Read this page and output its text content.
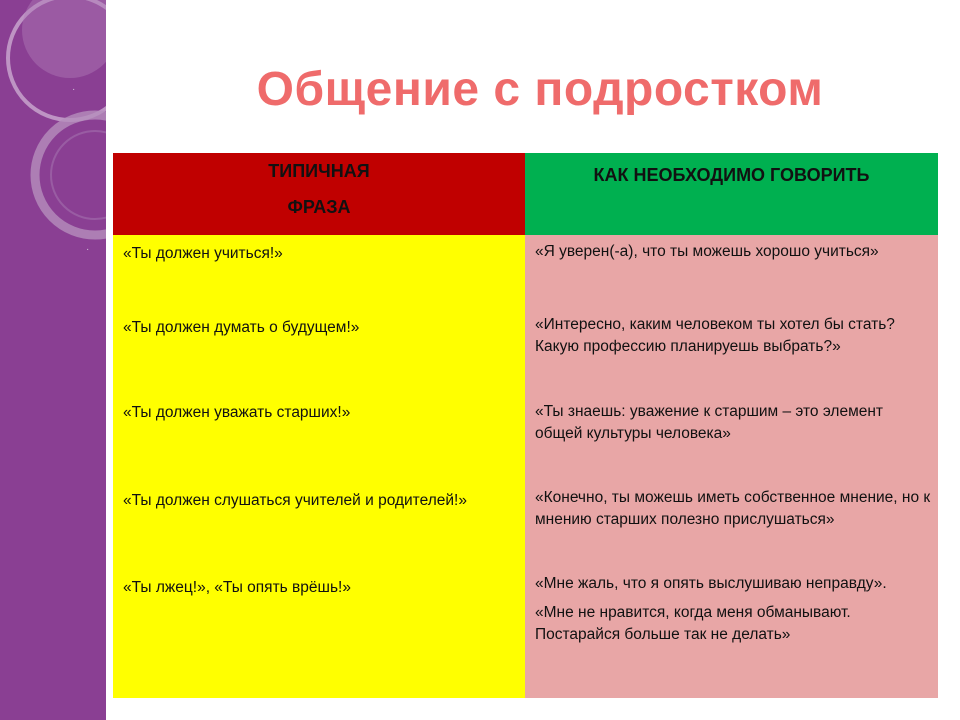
·
·
Общение с подростком
ТИПИЧНАЯ
ФРАЗА
КАК НЕОБХОДИМО ГОВОРИТЬ
«Ты должен учиться!»
«Ты должен думать о будущем!»
«Ты должен уважать старших!»
«Ты должен слушаться учителей и родителей!»
«Ты лжец!», «Ты опять врёшь!»
«Я уверен(-а), что ты можешь хорошо учиться»
«Интересно, каким человеком ты хотел бы стать? Какую профессию планируешь выбрать?»
«Ты знаешь: уважение к старшим – это элемент общей культуры человека»
«Конечно, ты можешь иметь собственное мнение, но к мнению старших полезно прислушаться»
«Мне жаль, что я опять выслушиваю неправду».
«Мне не нравится, когда меня обманывают. Постарайся больше так не делать»
